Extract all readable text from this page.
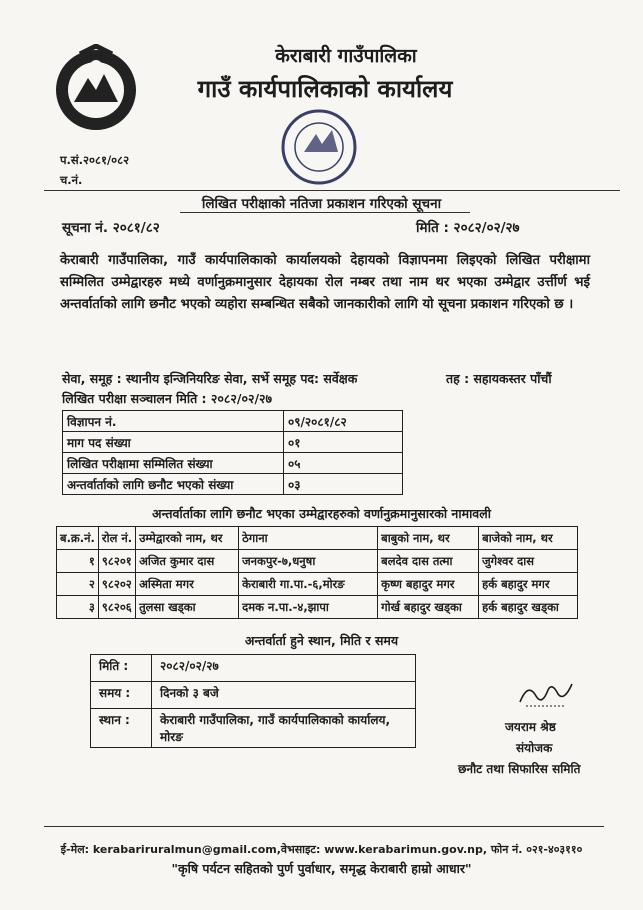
केराबारी गाउँपालिका
गाउँ कार्यपालिकाको कार्यालय
प.सं.२०८१/०८२
च.नं.
लिखित परीक्षाको नतिजा प्रकाशन गरिएको सूचना
सूचना नं. २०८१/८२	मिति : २०८२/०२/२७
केराबारी गाउँपालिका, गाउँ कार्यपालिकाको कार्यालयको देहायको विज्ञापनमा लिइएको लिखित परीक्षामा सम्मिलित उम्मेद्वारहरु मध्ये वर्णानुक्रमानुसार देहायका रोल नम्बर तथा नाम थर भएका उम्मेद्वार उर्त्तीर्ण भई अन्तर्वार्ताको लागि छनौट भएको व्यहोरा सम्बन्धित सबैको जानकारीको लागि यो सूचना प्रकाशन गरिएको छ ।
सेवा, समूह : स्थानीय इन्जिनियरिङ सेवा, सर्भे समूह पद: सर्वेक्षक	तह : सहायकस्तर पाँचौं
लिखित परीक्षा सञ्चालन मिति : २०८२/०२/२७
विज्ञापन नं.	०९/२०८१/८२
माग पद संख्या	०१
लिखित परीक्षामा सम्मिलित संख्या	०५
अन्तर्वार्ताको लागि छनौट भएको संख्या	०३
अन्तर्वार्ताका लागि छनौट भएका उम्मेद्वारहरुको वर्णानुक्रमानुसारको नामावली
ब.क्र.नं.	रोल नं.	उम्मेद्वारको नाम, थर	ठेगाना	बाबुको नाम, थर	बाजेको नाम, थर
१	९८२०१	अजित कुमार दास	जनकपुर-७,धनुषा	बलदेव दास तत्मा	जुगेश्वर दास
२	९८२०२	अस्मिता मगर	केराबारी गा.पा.-६,मोरङ	कृष्ण बहादुर मगर	हर्क बहादुर मगर
३	९८२०६	तुलसा खड्का	दमक न.पा.-४,झापा	गोर्ख बहादुर खड्का	हर्क बहादुर खड्का
अन्तर्वार्ता हुने स्थान, मिति र समय
मिति :	२०८२/०२/२७
समय :	दिनको ३ बजे
स्थान :	केराबारी गाउँपालिका, गाउँ कार्यपालिकाको कार्यालय, मोरङ
जयराम श्रेष्ठ
संयोजक
छनौट तथा सिफारिस समिति
ई-मेल: kerabariruralmun@gmail.com,वेभसाइट: www.kerabarimun.gov.np, फोन नं. ०२१-४०३११०
"कृषि पर्यटन सहितको पुर्ण पुर्वाधार, समृद्ध केराबारी हाम्रो आधार"
